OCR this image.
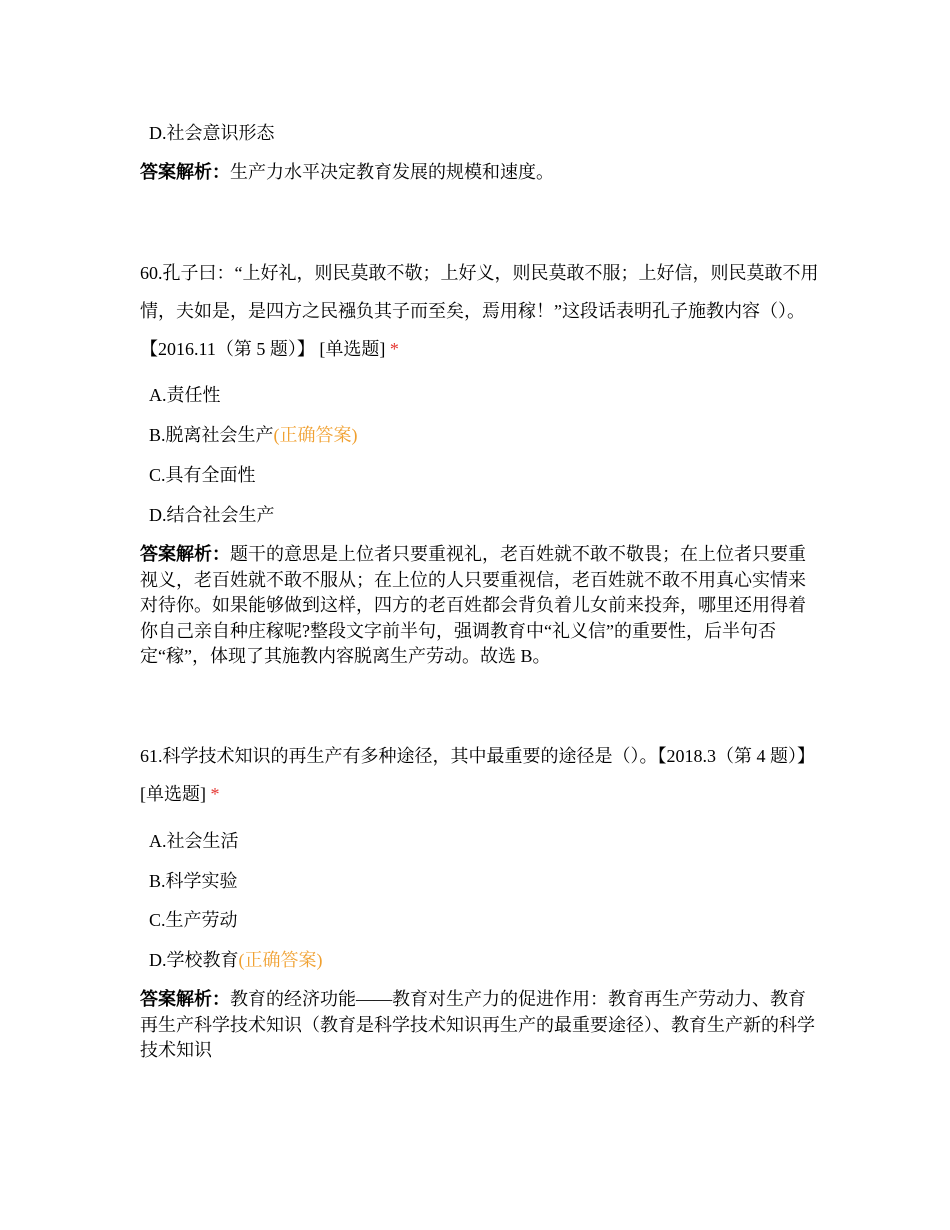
D.社会意识形态
答案解析：生产力水平决定教育发展的规模和速度。
60.孔子曰：“上好礼，则民莫敢不敬；上好义，则民莫敢不服；上好信，则民莫敢不用情，夫如是，是四方之民襁负其子而至矣，焉用稼！”这段话表明孔子施教内容（）。【2016.11（第 5 题）】 [单选题] *
A.责任性
B.脱离社会生产(正确答案)
C.具有全面性
D.结合社会生产
答案解析：题干的意思是上位者只要重视礼，老百姓就不敢不敬畏；在上位者只要重视义，老百姓就不敢不服从；在上位的人只要重视信，老百姓就不敢不用真心实情来对待你。如果能够做到这样，四方的老百姓都会背负着儿女前来投奔，哪里还用得着你自己亲自种庄稼呢?整段文字前半句，强调教育中“礼义信”的重要性，后半句否定“稼”，体现了其施教内容脱离生产劳动。故选 B。
61.科学技术知识的再生产有多种途径，其中最重要的途径是（）。【2018.3（第 4 题）】 [单选题] *
A.社会生活
B.科学实验
C.生产劳动
D.学校教育(正确答案)
答案解析：教育的经济功能——教育对生产力的促进作用：教育再生产劳动力、教育再生产科学技术知识（教育是科学技术知识再生产的最重要途径）、教育生产新的科学技术知识
